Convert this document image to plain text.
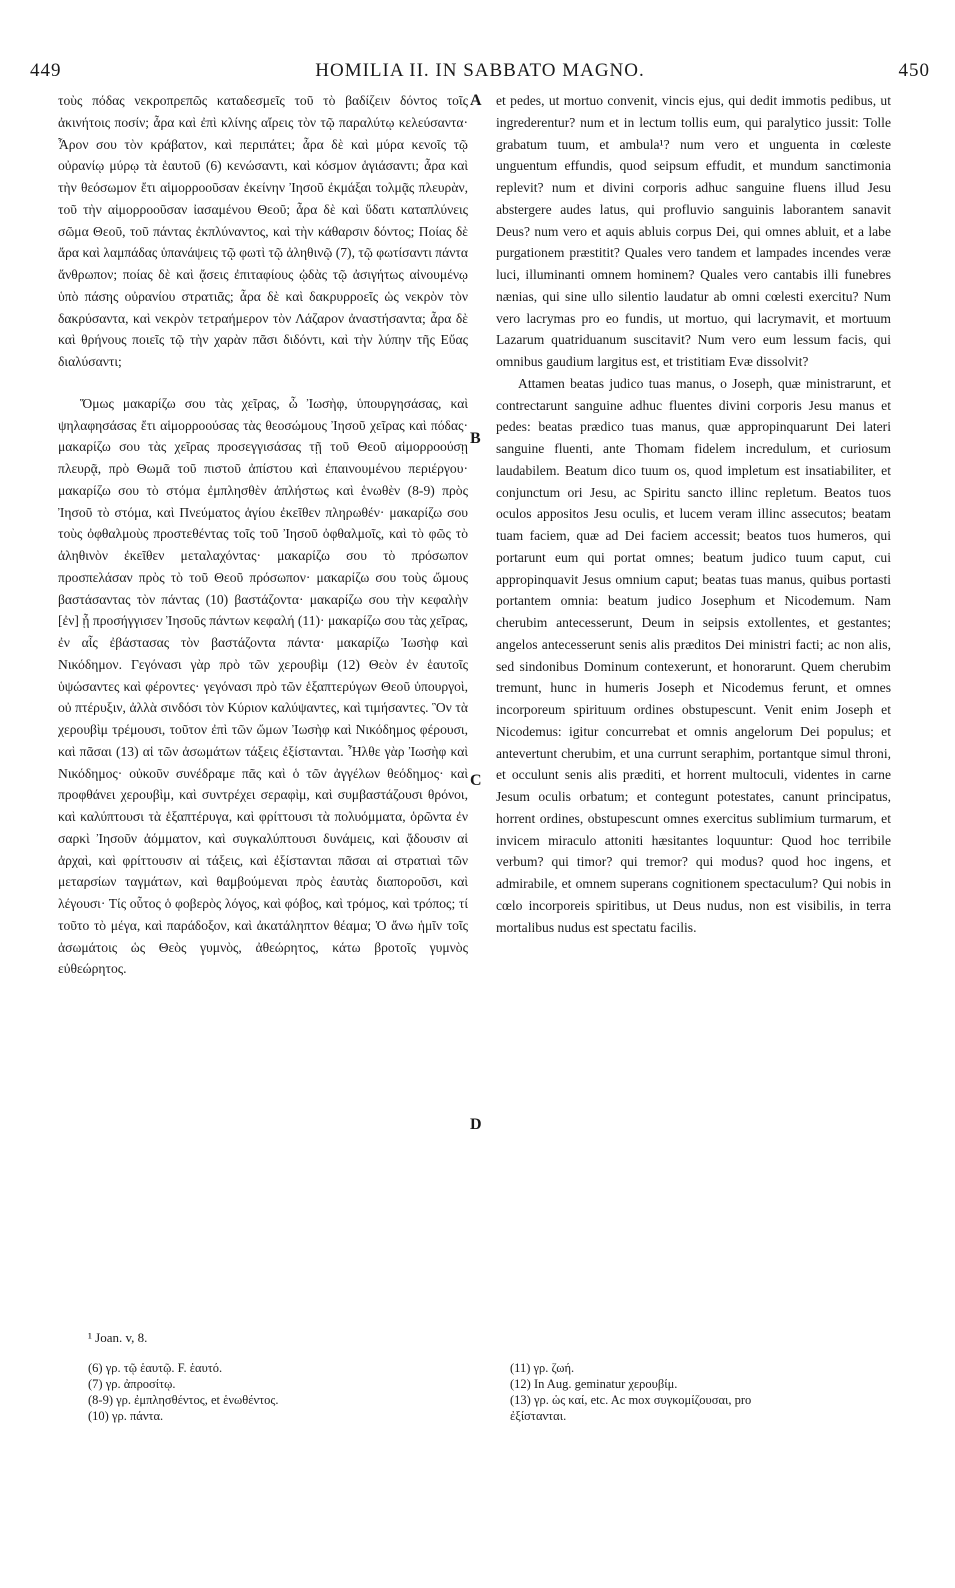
449	HOMILIA II. IN SABBATO MAGNO.	450

τοὺς πόδας νεκροπρεπῶς καταδεσμεῖς τοῦ τὸ βαδίζειν δόντος τοῖς ἀκινήτοις ποσίν; ἆρα καὶ ἐπὶ κλίνης αἴρεις τὸν τῷ παραλύτῳ κελεύσαντα· Ἆρον σου τὸν κράβατον, καὶ περιπάτει; ἆρα δὲ καὶ μύρα κενοῖς τῷ οὐρανίῳ μύρῳ τὰ ἑαυτοῦ (6) κενώσαντι, καὶ κόσμον ἁγιάσαντι; ἆρα καὶ τὴν θεόσωμον ἔτι αἱμορροοῦσαν ἐκείνην Ἰησοῦ ἐκμάξαι τολμᾷς πλευρὰν, τοῦ τὴν αἱμορροοῦσαν ἰασαμένου Θεοῦ; ἆρα δὲ καὶ ὕδατι καταπλύνεις σῶμα Θεοῦ, τοῦ πάντας ἐκπλύναντος, καὶ τὴν κάθαρσιν δόντος; Ποίας δὲ ἄρα καὶ λαμπάδας ὑπανάψεις τῷ φωτὶ τῷ ἀληθινῷ (7), τῷ φωτίσαντι πάντα ἄνθρωπον; ποίας δὲ καὶ ᾄσεις ἐπιταφίους ᾠδὰς τῷ ἀσιγήτως αἰνουμένῳ ὑπὸ πάσης οὐρανίου στρατιᾶς; ἆρα δὲ καὶ δακρυρροεῖς ὡς νεκρὸν τὸν δακρύσαντα, καὶ νεκρὸν τετραήμερον τὸν Λάζαρον ἀναστήσαντα; ἆρα δὲ καὶ θρήνους ποιεῖς τῷ τὴν χαρὰν πᾶσι διδόντι, καὶ τὴν λύπην τῆς Εὔας διαλύσαντι;

Ὅμως μακαρίζω σου τὰς χεῖρας, ὦ Ἰωσὴφ, ὑπουργησάσας, καὶ ψηλαφησάσας ἔτι αἱμορροούσας τὰς θεοσώμους Ἰησοῦ χεῖρας καὶ πόδας· μακαρίζω σου τὰς χεῖρας προσεγγισάσας τῇ τοῦ Θεοῦ αἱμορροούσῃ πλευρᾷ, πρὸ Θωμᾶ τοῦ πιστοῦ ἀπίστου καὶ ἐπαινουμένου περιέργου· μακαρίζω σου τὸ στόμα ἐμπλησθὲν ἀπλήστως καὶ ἑνωθὲν (8-9) πρὸς Ἰησοῦ τὸ στόμα, καὶ Πνεύματος ἁγίου ἐκεῖθεν πληρωθέν· μακαρίζω σου τοὺς ὀφθαλμοὺς προστεθέντας τοῖς τοῦ Ἰησοῦ ὀφθαλμοῖς, καὶ τὸ φῶς τὸ ἀληθινὸν ἐκεῖθεν μεταλαχόντας· μακαρίζω σου τὸ πρόσωπον προσπελάσαν πρὸς τὸ τοῦ Θεοῦ πρόσωπον· μακαρίζω σου τοὺς ὤμους βαστάσαντας τὸν πάντας (10) βαστάζοντα· μακαρίζω σου τὴν κεφαλὴν [ἐν] ᾗ προσήγγισεν Ἰησοῦς πάντων κεφαλή (11)· μακαρίζω σου τὰς χεῖρας, ἐν αἷς ἐβάστασας τὸν βαστάζοντα πάντα· μακαρίζω Ἰωσὴφ καὶ Νικόδημον. Γεγόνασι γὰρ πρὸ τῶν χερουβὶμ (12) Θεὸν ἐν ἑαυτοῖς ὑψώσαντες καὶ φέροντες· γεγόνασι πρὸ τῶν ἑξαπτερύγων Θεοῦ ὑπουργοὶ, οὐ πτέρυξιν, ἀλλὰ σινδόσι τὸν Κύριον καλύψαντες, καὶ τιμήσαντες. Ὃν τὰ χερουβὶμ τρέμουσι, τοῦτον ἐπὶ τῶν ὤμων Ἰωσὴφ καὶ Νικόδημος φέρουσι, καὶ πᾶσαι (13) αἱ τῶν ἀσωμάτων τάξεις ἐξίστανται. Ἦλθε γὰρ Ἰωσὴφ καὶ Νικόδημος· οὐκοῦν συνέδραμε πᾶς καὶ ὁ τῶν ἀγγέλων θεόδημος· καὶ προφθάνει χερουβὶμ, καὶ συντρέχει σεραφὶμ, καὶ συμβαστάζουσι θρόνοι, καὶ καλύπτουσι τὰ ἑξαπτέρυγα, καὶ φρίττουσι τὰ πολυόμματα, ὁρῶντα ἐν σαρκὶ Ἰησοῦν ἀόμματον, καὶ συγκαλύπτουσι δυνάμεις, καὶ ᾄδουσιν αἱ ἀρχαὶ, καὶ φρίττουσιν αἱ τάξεις, καὶ ἐξίστανται πᾶσαι αἱ στρατιαὶ τῶν μεταρσίων ταγμάτων, καὶ θαμβούμεναι πρὸς ἑαυτὰς διαποροῦσι, καὶ λέγουσι· Τίς οὗτος ὁ φοβερὸς λόγος, καὶ φόβος, καὶ τρόμος, καὶ τρόπος; τί τοῦτο τὸ μέγα, καὶ παράδοξον, καὶ ἀκατάληπτον θέαμα; Ὁ ἄνω ἡμῖν τοῖς ἀσωμάτοις ὡς Θεὸς γυμνὸς, ἀθεώρητος, κάτω βροτοῖς γυμνὸς εὐθεώρητος.

A
B
C
D

et pedes, ut mortuo convenit, vincis ejus, qui dedit immotis pedibus, ut ingrederentur? num et in lectum tollis eum, qui paralytico jussit: Tolle grabatum tuum, et ambula¹? num vero et unguenta in cœleste unguentum effundis, quod seipsum effudit, et mundum sanctimonia replevit? num et divini corporis adhuc sanguine fluens illud Jesu abstergere audes latus, qui profluvio sanguinis laborantem sanavit Deus? num vero et aquis abluis corpus Dei, qui omnes abluit, et a labe purgationem præstitit? Quales vero tandem et lampades incendes veræ luci, illuminanti omnem hominem? Quales vero cantabis illi funebres nænias, qui sine ullo silentio laudatur ab omni cœlesti exercitu? Num vero lacrymas pro eo fundis, ut mortuo, qui lacrymavit, et mortuum Lazarum quatriduanum suscitavit? Num vero eum lessum facis, qui omnibus gaudium largitus est, et tristitiam Evæ dissolvit?

Attamen beatas judico tuas manus, o Joseph, quæ ministrarunt, et contrectarunt sanguine adhuc fluentes divini corporis Jesu manus et pedes: beatas prædico tuas manus, quæ appropinquarunt Dei lateri sanguine fluenti, ante Thomam fidelem incredulum, et curiosum laudabilem. Beatum dico tuum os, quod impletum est insatiabiliter, et conjunctum ori Jesu, ac Spiritu sancto illinc repletum. Beatos tuos oculos appositos Jesu oculis, et lucem veram illinc assecutos; beatam tuam faciem, quæ ad Dei faciem accessit; beatos tuos humeros, qui portarunt eum qui portat omnes; beatum judico tuum caput, cui appropinquavit Jesus omnium caput; beatas tuas manus, quibus portasti portantem omnia: beatum judico Josephum et Nicodemum. Nam cherubim antecesserunt, Deum in seipsis extollentes, et gestantes; angelos antecesserunt senis alis præditos Dei ministri facti; ac non alis, sed sindonibus Dominum contexerunt, et honorarunt. Quem cherubim tremunt, hunc in humeris Joseph et Nicodemus ferunt, et omnes incorporeum spirituum ordines obstupescunt. Venit enim Joseph et Nicodemus: igitur concurrebat et omnis angelorum Dei populus; et antevertunt cherubim, et una currunt seraphim, portantque simul throni, et occulunt senis alis præditi, et horrent multoculi, videntes in carne Jesum oculis orbatum; et contegunt potestates, canunt principatus, horrent ordines, obstupescunt omnes exercitus sublimium turmarum, et invicem miraculo attoniti hæsitantes loquuntur: Quod hoc terribile verbum? qui timor? qui tremor? qui modus? quod hoc ingens, et admirabile, et omnem superans cognitionem spectaculum? Qui nobis in cœlo incorporeis spiritibus, ut Deus nudus, non est visibilis, in terra mortalibus nudus est spectatu facilis.

¹ Joan. v, 8.
(6) γρ. τῷ ἑαυτῷ. F. ἑαυτό.
(7) γρ. ἀπροσίτῳ.
(8-9) γρ. ἐμπλησθέντος, et ἑνωθέντος.
(10) γρ. πάντα.
(11) γρ. ζωή.
(12) In Aug. geminatur χερουβίμ.
(13) γρ. ὡς καί, etc. Ac mox συγκομίζουσαι, pro
ἐξίστανται.
